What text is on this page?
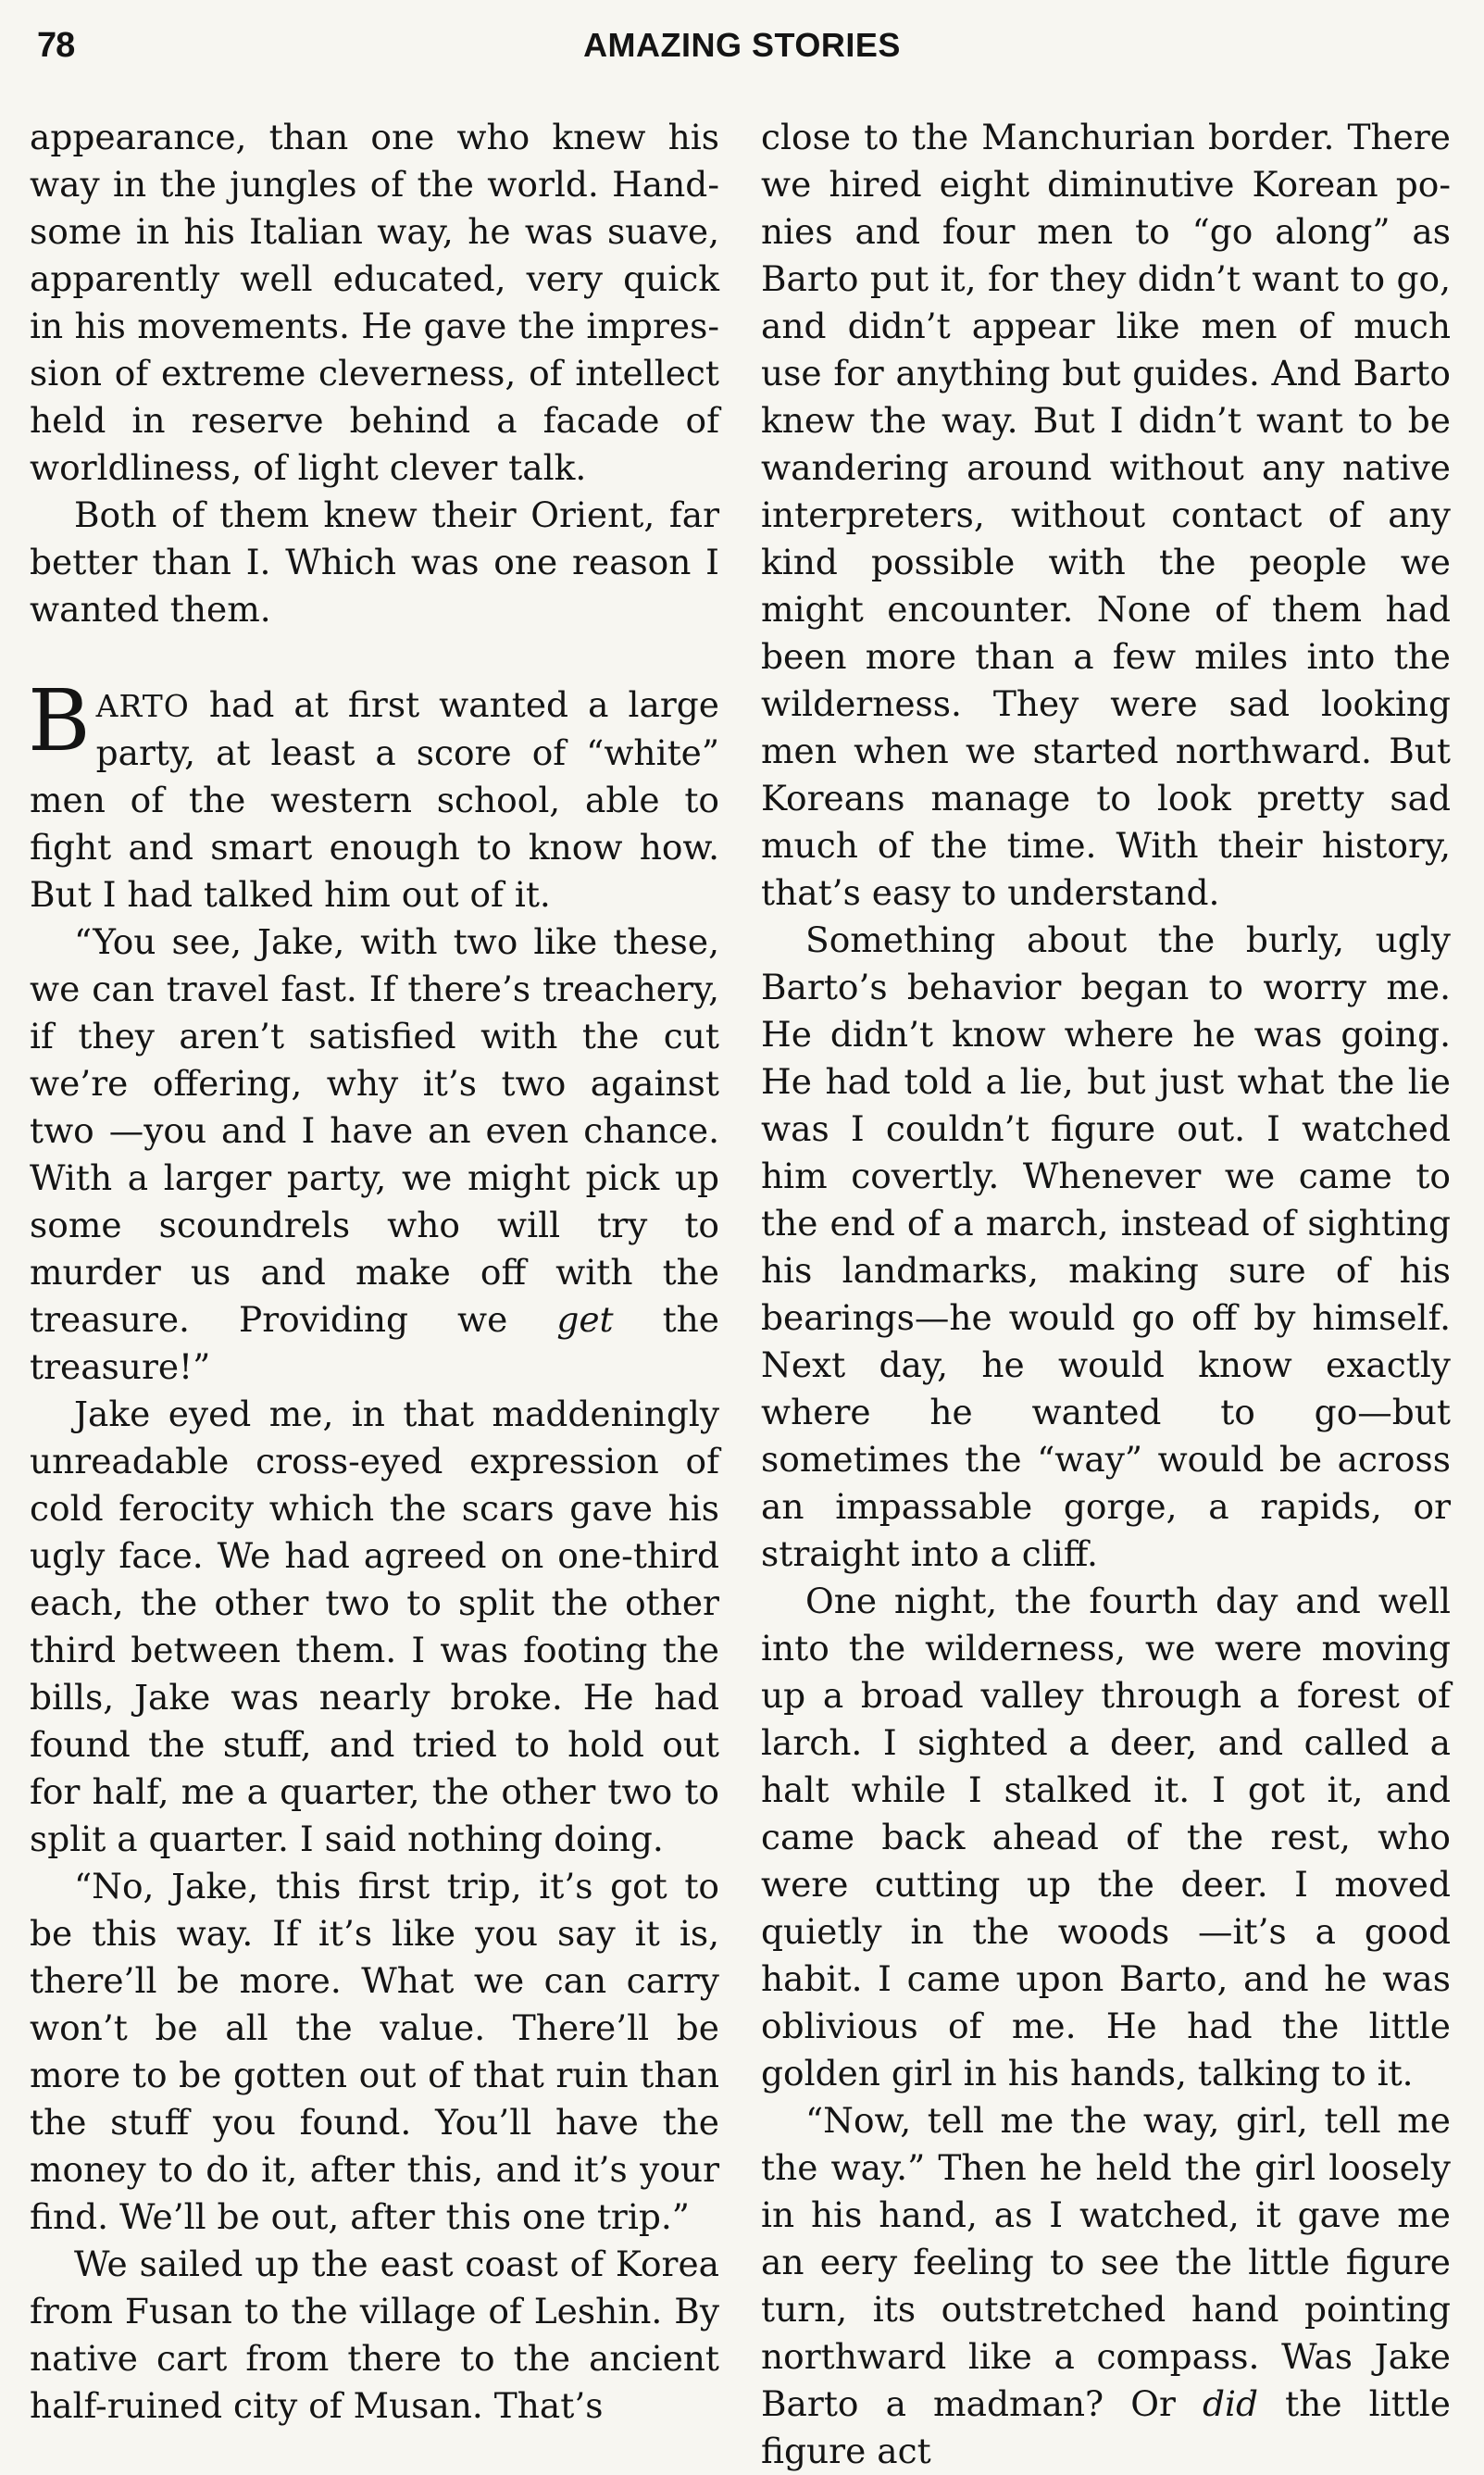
78	AMAZING STORIES

appearance, than one who knew his way in the jungles of the world. Handsome in his Italian way, he was suave, apparently well educated, very quick in his movements. He gave the impression of extreme cleverness, of intellect held in reserve behind a facade of worldliness, of light clever talk.

Both of them knew their Orient, far better than I. Which was one reason I wanted them.

BARTO had at first wanted a large party, at least a score of “white” men of the western school, able to fight and smart enough to know how. But I had talked him out of it.

“You see, Jake, with two like these, we can travel fast. If there’s treachery, if they aren’t satisfied with the cut we’re offering, why it’s two against two —you and I have an even chance. With a larger party, we might pick up some scoundrels who will try to murder us and make off with the treasure. Providing we get the treasure!”

Jake eyed me, in that maddeningly unreadable cross-eyed expression of cold ferocity which the scars gave his ugly face. We had agreed on one-third each, the other two to split the other third between them. I was footing the bills, Jake was nearly broke. He had found the stuff, and tried to hold out for half, me a quarter, the other two to split a quarter. I said nothing doing.

“No, Jake, this first trip, it’s got to be this way. If it’s like you say it is, there’ll be more. What we can carry won’t be all the value. There’ll be more to be gotten out of that ruin than the stuff you found. You’ll have the money to do it, after this, and it’s your find. We’ll be out, after this one trip.”

We sailed up the east coast of Korea from Fusan to the village of Leshin. By native cart from there to the ancient half-ruined city of Musan. That’s

close to the Manchurian border. There we hired eight diminutive Korean ponies and four men to “go along” as Barto put it, for they didn’t want to go, and didn’t appear like men of much use for anything but guides. And Barto knew the way. But I didn’t want to be wandering around without any native interpreters, without contact of any kind possible with the people we might encounter. None of them had been more than a few miles into the wilderness. They were sad looking men when we started northward. But Koreans manage to look pretty sad much of the time. With their history, that’s easy to understand.

Something about the burly, ugly Barto’s behavior began to worry me. He didn’t know where he was going. He had told a lie, but just what the lie was I couldn’t figure out. I watched him covertly. Whenever we came to the end of a march, instead of sighting his landmarks, making sure of his bearings—he would go off by himself. Next day, he would know exactly where he wanted to go—but sometimes the “way” would be across an impassable gorge, a rapids, or straight into a cliff.

One night, the fourth day and well into the wilderness, we were moving up a broad valley through a forest of larch. I sighted a deer, and called a halt while I stalked it. I got it, and came back ahead of the rest, who were cutting up the deer. I moved quietly in the woods —it’s a good habit. I came upon Barto, and he was oblivious of me. He had the little golden girl in his hands, talking to it.

“Now, tell me the way, girl, tell me the way.” Then he held the girl loosely in his hand, as I watched, it gave me an eery feeling to see the little figure turn, its outstretched hand pointing northward like a compass. Was Jake Barto a madman? Or did the little figure act
